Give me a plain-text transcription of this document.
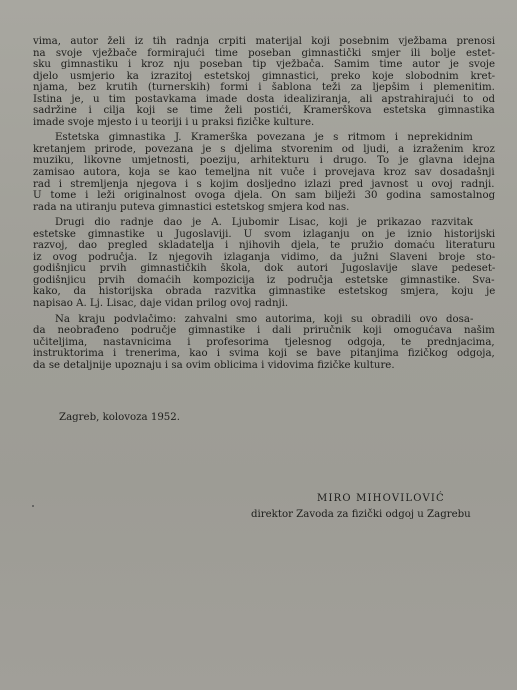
vima, autor želi iz tih radnja crpiti materijal koji posebnim vježbama prenosi
na svoje vježbače formirajući time poseban gimnastički smjer ili bolje estet-
sku gimnastiku i kroz nju poseban tip vježbača. Samim time autor je svoje
djelo usmjerio ka izrazitoj estetskoj gimnastici, preko koje slobodnim kret-
njama, bez krutih (turnerskih) formi i šablona teži za ljepšim i plemenitim.
Istina je, u tim postavkama imade dosta idealiziranja, ali apstrahirajući to od
sadržine i cilja koji se time želi postići, Kramerškova estetska gimnastika
imade svoje mjesto i u teoriji i u praksi fizičke kulture.

Estetska gimnastika J. Kramerška povezana je s ritmom i neprekidnim
kretanjem prirode, povezana je s djelima stvorenim od ljudi, a izraženim kroz
muziku, likovne umjetnosti, poeziju, arhitekturu i drugo. To je glavna idejna
zamisao autora, koja se kao temeljna nit vuče i provejava kroz sav dosadašnji
rad i stremljenja njegova i s kojim dosljedno izlazi pred javnost u ovoj radnji.
U tome i leži originalnost ovoga djela. On sam bilježi 30 godina samostalnog
rada na utiranju puteva gimnastici estetskog smjera kod nas.

Drugi dio radnje dao je A. Ljubomir Lisac, koji je prikazao razvitak
estetske gimnastike u Jugoslaviji. U svom izlaganju on je iznio historijski
razvoj, dao pregled skladatelja i njihovih djela, te pružio domaću literaturu
iz ovog područja. Iz njegovih izlaganja vidimo, da južni Slaveni broje sto-
godišnjicu prvih gimnastičkih škola, dok autori Jugoslavije slave pedeset-
godišnjicu prvih domaćih kompozicija iz područja estetske gimnastike. Sva-
kako, da historijska obrada razvitka gimnastike estetskog smjera, koju je
napisao A. Lj. Lisac, daje vidan prilog ovoj radnji.

Na kraju podvlačimo: zahvalni smo autorima, koji su obradili ovo dosa-
da neobrađeno područje gimnastike i dali priručnik koji omogućava našim
učiteljima, nastavnicima i profesorima tjelesnog odgoja, te prednjacima,
instruktorima i trenerima, kao i svima koji se bave pitanjima fizičkog odgoja,
da se detaljnije upoznaju i sa ovim oblicima i vidovima fizičke kulture.

Zagreb, kolovoza 1952.
MIRO MIHOVILOVIĆ
direktor Zavoda za fizički odgoj u Zagrebu
